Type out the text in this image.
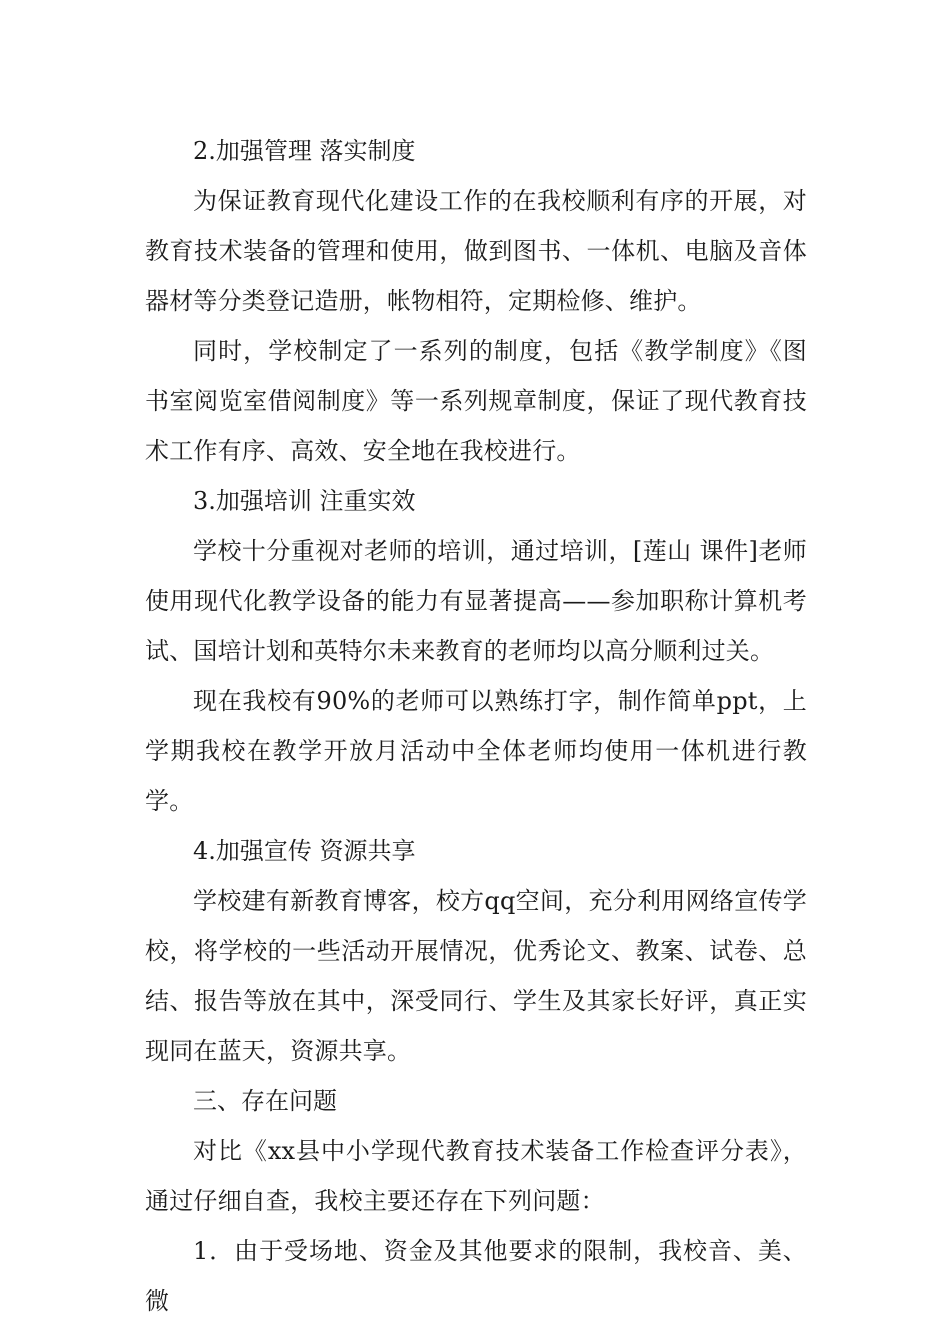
2.加强管理 落实制度

为保证教育现代化建设工作的在我校顺利有序的开展，对教育技术装备的管理和使用，做到图书、一体机、电脑及音体器材等分类登记造册，帐物相符，定期检修、维护。

同时，学校制定了一系列的制度，包括《教学制度》《图书室阅览室借阅制度》等一系列规章制度，保证了现代教育技术工作有序、高效、安全地在我校进行。

3.加强培训 注重实效

学校十分重视对老师的培训，通过培训，[莲山 课件]老师使用现代化教学设备的能力有显著提高——参加职称计算机考试、国培计划和英特尔未来教育的老师均以高分顺利过关。

现在我校有90%的老师可以熟练打字，制作简单ppt，上学期我校在教学开放月活动中全体老师均使用一体机进行教学。

4.加强宣传 资源共享

学校建有新教育博客，校方qq空间，充分利用网络宣传学校，将学校的一些活动开展情况，优秀论文、教案、试卷、总结、报告等放在其中，深受同行、学生及其家长好评，真正实现同在蓝天，资源共享。

三、存在问题

对比《xx县中小学现代教育技术装备工作检查评分表》，通过仔细自查，我校主要还存在下列问题：

1．由于受场地、资金及其他要求的限制，我校音、美、微
